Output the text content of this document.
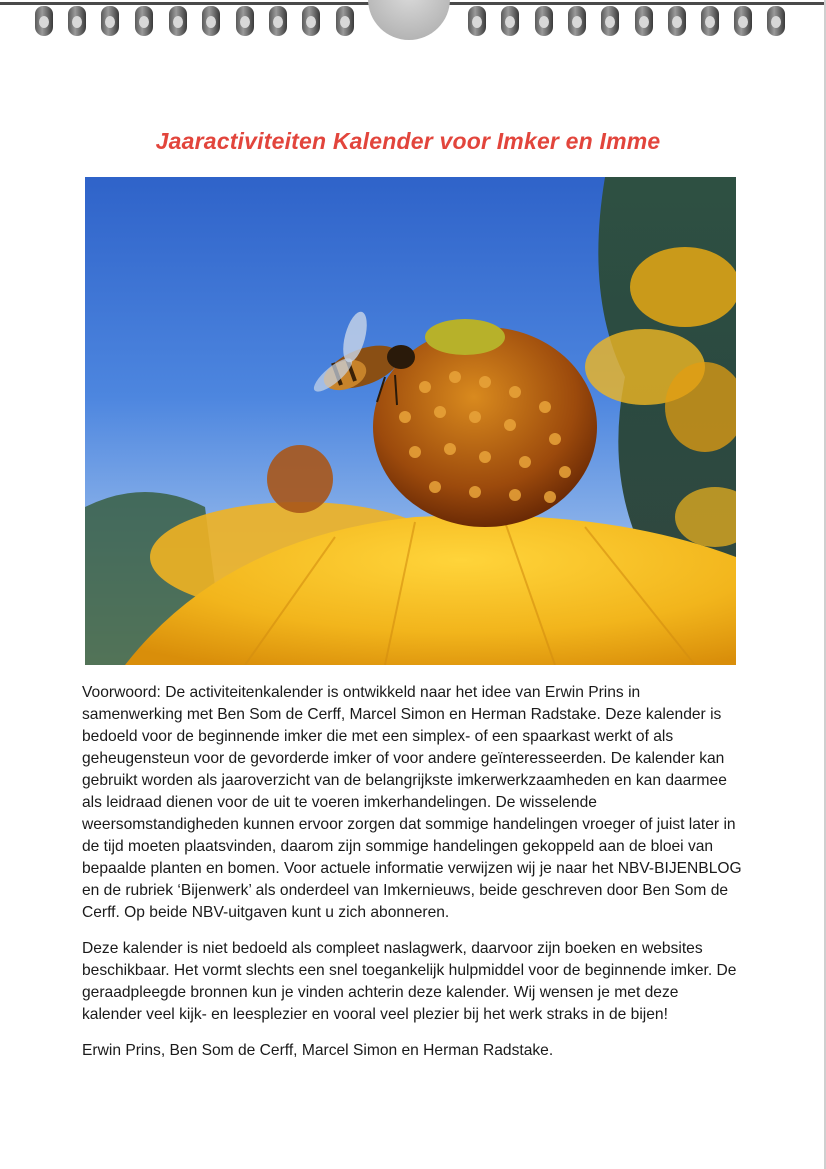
Jaaractiviteiten Kalender voor Imker en Imme

Voorwoord: De activiteitenkalender is ontwikkeld naar het idee van Erwin Prins in samenwerking met Ben Som de Cerff, Marcel Simon en Herman Radstake. Deze kalender is bedoeld voor de beginnende imker die met een simplex- of een spaarkast werkt of als geheugensteun voor de gevorderde imker of voor andere geïnteresseerden. De kalender kan gebruikt worden als jaaroverzicht van de belangrijkste imkerwerkzaamheden en kan daarmee als leidraad dienen voor de uit te voeren imkerhandelingen. De wisselende weersomstandigheden kunnen ervoor zorgen dat sommige handelingen vroeger of juist later in de tijd moeten plaatsvinden, daarom zijn sommige handelingen gekoppeld aan de bloei van bepaalde planten en bomen. Voor actuele informatie verwijzen wij je naar het NBV-BIJENBLOG en de rubriek ‘Bijenwerk’ als onderdeel van Imkernieuws, beide geschreven door Ben Som de Cerff. Op beide NBV-uitgaven kunt u zich abonneren.

Deze kalender is niet bedoeld als compleet naslagwerk, daarvoor zijn boeken en websites beschikbaar. Het vormt slechts een snel toegankelijk hulpmiddel voor de beginnende imker. De geraadpleegde bronnen kun je vinden achterin deze kalender. Wij wensen je met deze kalender veel kijk- en leesplezier en vooral veel plezier bij het werk straks in de bijen!

Erwin Prins, Ben Som de Cerff, Marcel Simon en Herman Radstake.
